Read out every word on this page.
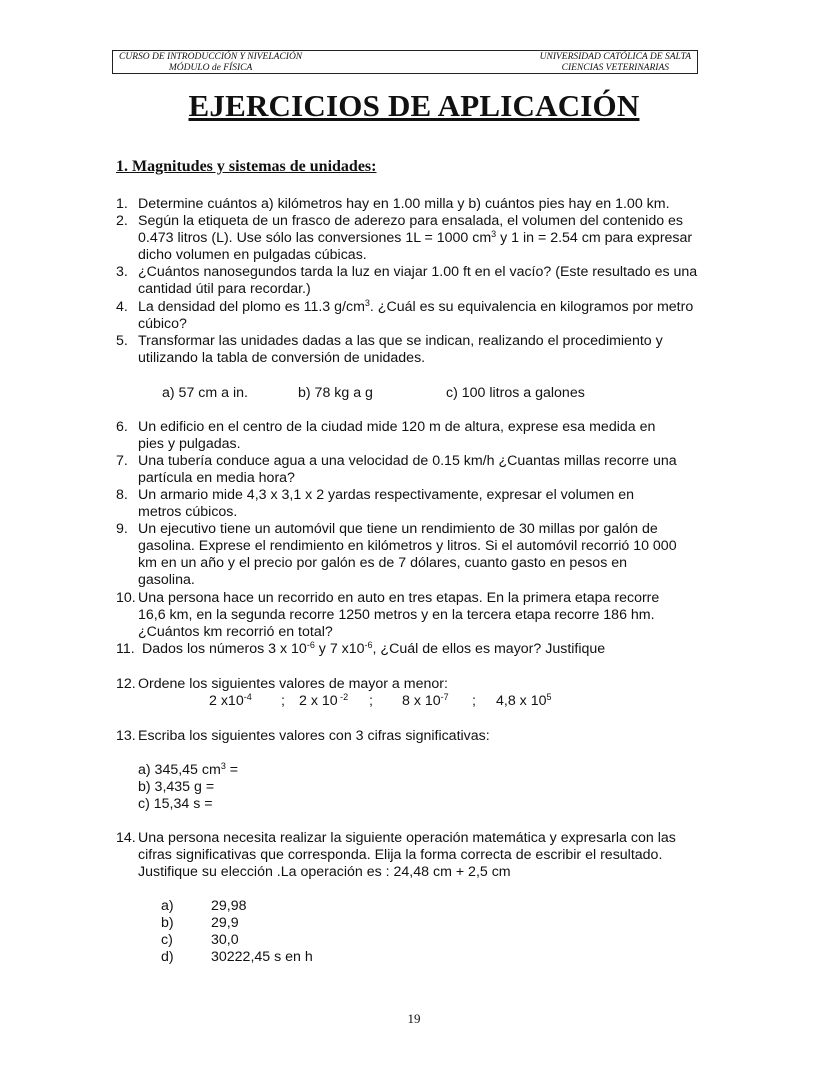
CURSO DE INTRODUCCIÓN Y NIVELACIÓN
MÓDULO de FÍSICA
UNIVERSIDAD CATÓLICA DE SALTA
CIENCIAS VETERINARIAS
EJERCICIOS DE APLICACIÓN
1. Magnitudes y sistemas de unidades:
1. Determine cuántos a) kilómetros hay en 1.00 milla y b) cuántos pies hay en 1.00 km.
2. Según la etiqueta de un frasco de aderezo para ensalada, el volumen del contenido es
0.473 litros (L). Use sólo las conversiones 1L = 1000 $cm^3$ y 1 in = 2.54 cm para expresar
dicho volumen en pulgadas cúbicas.
3. ¿Cuántos nanosegundos tarda la luz en viajar 1.00 ft en el vacío? (Este resultado es una
cantidad útil para recordar.)
4. La densidad del plomo es 11.3 $g/cm^3$. ¿Cuál es su equivalencia en kilogramos por metro
cúbico?
5. Transformar las unidades dadas a las que se indican, realizando el procedimiento y
utilizando la tabla de conversión de unidades.
a) 57 cm a in.	b) 78 kg a g	c) 100 litros a galones
6. Un edificio en el centro de la ciudad mide 120 m de altura, exprese esa medida en
pies y pulgadas.
7. Una tubería conduce agua a una velocidad de 0.15 km/h ¿Cuantas millas recorre una
partícula en media hora?
8. Un armario mide 4,3 x 3,1 x 2 yardas respectivamente, expresar el volumen en
metros cúbicos.
9. Un ejecutivo tiene un automóvil que tiene un rendimiento de 30 millas por galón de
gasolina. Exprese el rendimiento en kilómetros y litros. Si el automóvil recorrió 10 000
km en un año y el precio por galón es de 7 dólares, cuanto gasto en pesos en
gasolina.
10. Una persona hace un recorrido en auto en tres etapas. En la primera etapa recorre
16,6 km, en la segunda recorre 1250 metros y en la tercera etapa recorre 186 hm.
¿Cuántos km recorrió en total?
11. Dados los números 3 x $10^{-6}$ y 7 $x10^{-6}$, ¿Cuál de ellos es mayor? Justifique
12. Ordene los siguientes valores de mayor a menor:
2 $x10^{-4}$ ; 2 x 10 $^{-2}$ ; 8 x $10^{-7}$ ; 4,8 x $10^5$
13. Escriba los siguientes valores con 3 cifras significativas:
a) 345,45 $cm^3$ =
b) 3,435 g =
c) 15,34 s =
14. Una persona necesita realizar la siguiente operación matemática y expresarla con las
cifras significativas que corresponda. Elija la forma correcta de escribir el resultado.
Justifique su elección .La operación es : 24,48 cm + 2,5 cm
a)	29,98
b)	29,9
c)	30,0
d)	30222,45 s en h
19
